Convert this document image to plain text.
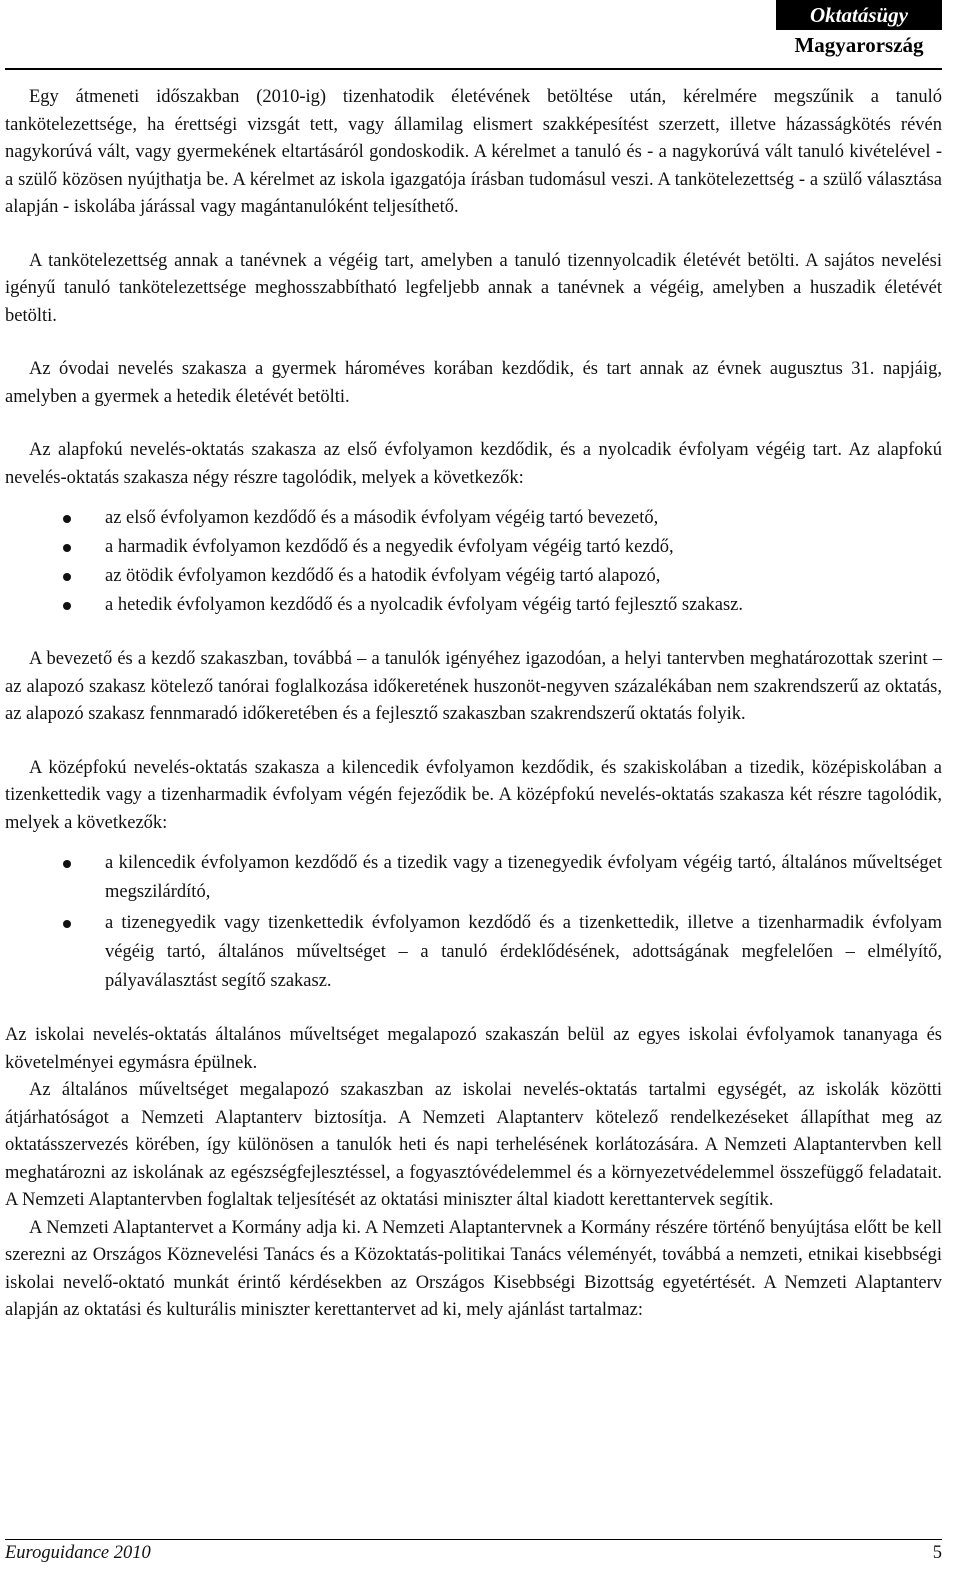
Oktatásügy
Magyarország

Egy átmeneti időszakban (2010-ig) tizenhatodik életévének betöltése után, kérelmére megszűnik a tanuló tankötelezettsége, ha érettségi vizsgát tett, vagy államilag elismert szakképesítést szerzett, illetve házasságkötés révén nagykorúvá vált, vagy gyermekének eltartásáról gondoskodik. A kérelmet a tanuló és - a nagykorúvá vált tanuló kivételével - a szülő közösen nyújthatja be. A kérelmet az iskola igazgatója írásban tudomásul veszi. A tankötelezettség - a szülő választása alapján - iskolába járással vagy magántanulóként teljesíthető.

A tankötelezettség annak a tanévnek a végéig tart, amelyben a tanuló tizennyolcadik életévét betölti. A sajátos nevelési igényű tanuló tankötelezettsége meghosszabbítható legfeljebb annak a tanévnek a végéig, amelyben a huszadik életévét betölti.

Az óvodai nevelés szakasza a gyermek hároméves korában kezdődik, és tart annak az évnek augusztus 31. napjáig, amelyben a gyermek a hetedik életévét betölti.

Az alapfokú nevelés-oktatás szakasza az első évfolyamon kezdődik, és a nyolcadik évfolyam végéig tart. Az alapfokú nevelés-oktatás szakasza négy részre tagolódik, melyek a következők:

az első évfolyamon kezdődő és a második évfolyam végéig tartó bevezető,
a harmadik évfolyamon kezdődő és a negyedik évfolyam végéig tartó kezdő,
az ötödik évfolyamon kezdődő és a hatodik évfolyam végéig tartó alapozó,
a hetedik évfolyamon kezdődő és a nyolcadik évfolyam végéig tartó fejlesztő szakasz.

A bevezető és a kezdő szakaszban, továbbá – a tanulók igényéhez igazodóan, a helyi tantervben meghatározottak szerint – az alapozó szakasz kötelező tanórai foglalkozása időkeretének huszonöt-negyven százalékában nem szakrendszerű az oktatás, az alapozó szakasz fennmaradó időkeretében és a fejlesztő szakaszban szakrendszerű oktatás folyik.

A középfokú nevelés-oktatás szakasza a kilencedik évfolyamon kezdődik, és szakiskolában a tizedik, középiskolában a tizenkettedik vagy a tizenharmadik évfolyam végén fejeződik be. A középfokú nevelés-oktatás szakasza két részre tagolódik, melyek a következők:

a kilencedik évfolyamon kezdődő és a tizedik vagy a tizenegyedik évfolyam végéig tartó, általános műveltséget megszilárdító,
a tizenegyedik vagy tizenkettedik évfolyamon kezdődő és a tizenkettedik, illetve a tizenharmadik évfolyam végéig tartó, általános műveltséget – a tanuló érdeklődésének, adottságának megfelelően – elmélyítő, pályaválasztást segítő szakasz.

Az iskolai nevelés-oktatás általános műveltséget megalapozó szakaszán belül az egyes iskolai évfolyamok tananyaga és követelményei egymásra épülnek.

Az általános műveltséget megalapozó szakaszban az iskolai nevelés-oktatás tartalmi egységét, az iskolák közötti átjárhatóságot a Nemzeti Alaptanterv biztosítja. A Nemzeti Alaptanterv kötelező rendelkezéseket állapíthat meg az oktatásszervezés körében, így különösen a tanulók heti és napi terhelésének korlátozására. A Nemzeti Alaptantervben kell meghatározni az iskolának az egészségfejlesztéssel, a fogyasztóvédelemmel és a környezetvédelemmel összefüggő feladatait. A Nemzeti Alaptantervben foglaltak teljesítését az oktatási miniszter által kiadott kerettantervek segítik.

A Nemzeti Alaptantervet a Kormány adja ki. A Nemzeti Alaptantervnek a Kormány részére történő benyújtása előtt be kell szerezni az Országos Köznevelési Tanács és a Közoktatás-politikai Tanács véleményét, továbbá a nemzeti, etnikai kisebbségi iskolai nevelő-oktató munkát érintő kérdésekben az Országos Kisebbségi Bizottság egyetértését. A Nemzeti Alaptanterv alapján az oktatási és kulturális miniszter kerettantervet ad ki, mely ajánlást tartalmaz:

Euroguidance 2010	5
